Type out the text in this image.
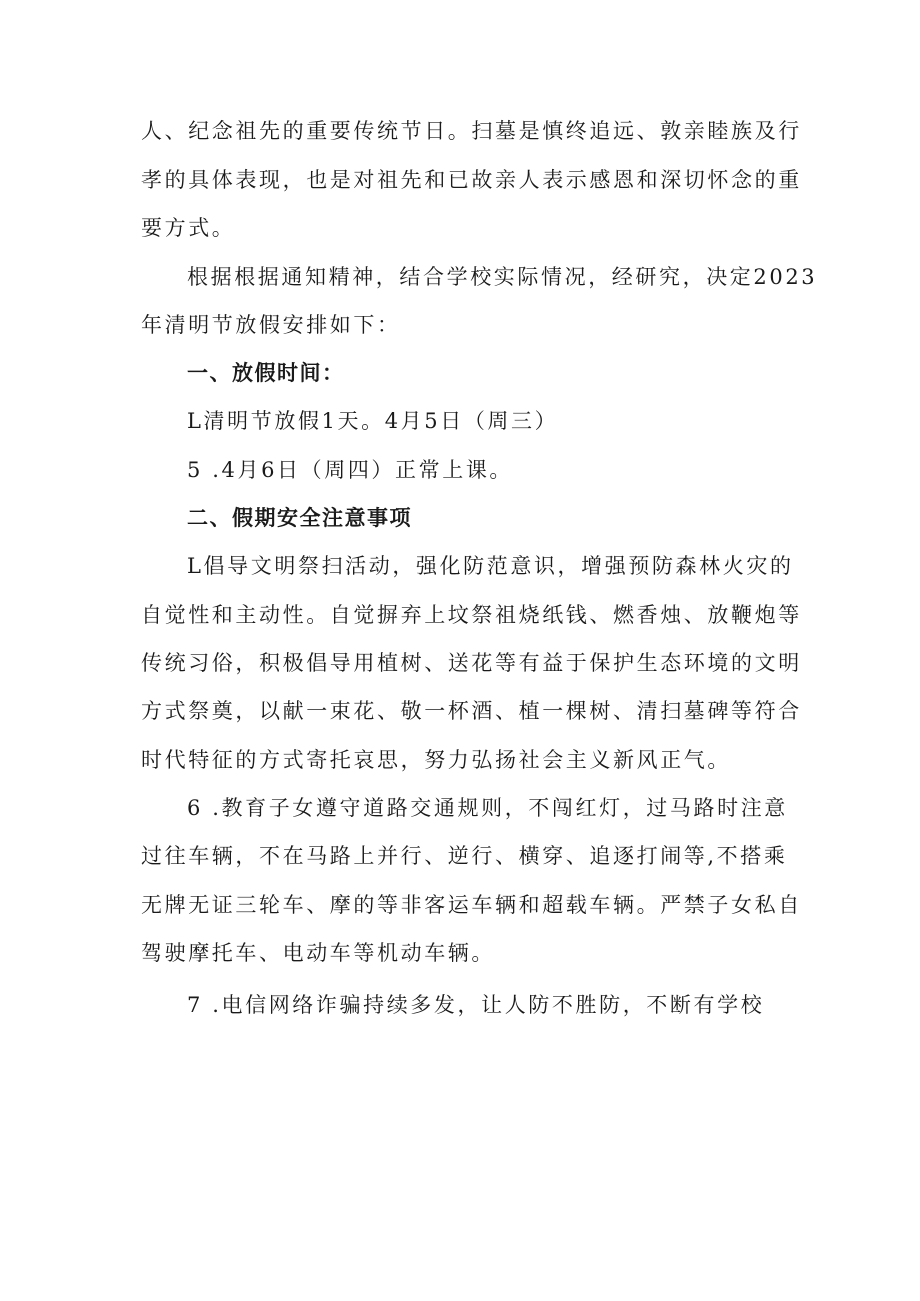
人、纪念祖先的重要传统节日。扫墓是慎终追远、敦亲睦族及行
孝的具体表现，也是对祖先和已故亲人表示感恩和深切怀念的重
要方式。
根据根据通知精神，结合学校实际情况，经研究，决定2023
年清明节放假安排如下：
一、放假时间：
L清明节放假1天。4月5日（周三）
5 .4月6日（周四）正常上课。
二、假期安全注意事项
L倡导文明祭扫活动，强化防范意识，增强预防森林火灾的
自觉性和主动性。自觉摒弃上坟祭祖烧纸钱、燃香烛、放鞭炮等
传统习俗，积极倡导用植树、送花等有益于保护生态环境的文明
方式祭奠，以献一束花、敬一杯酒、植一棵树、清扫墓碑等符合
时代特征的方式寄托哀思，努力弘扬社会主义新风正气。
6 .教育子女遵守道路交通规则，不闯红灯，过马路时注意
过往车辆，不在马路上并行、逆行、横穿、追逐打闹等,不搭乘
无牌无证三轮车、摩的等非客运车辆和超载车辆。严禁子女私自
驾驶摩托车、电动车等机动车辆。
7 .电信网络诈骗持续多发，让人防不胜防，不断有学校
